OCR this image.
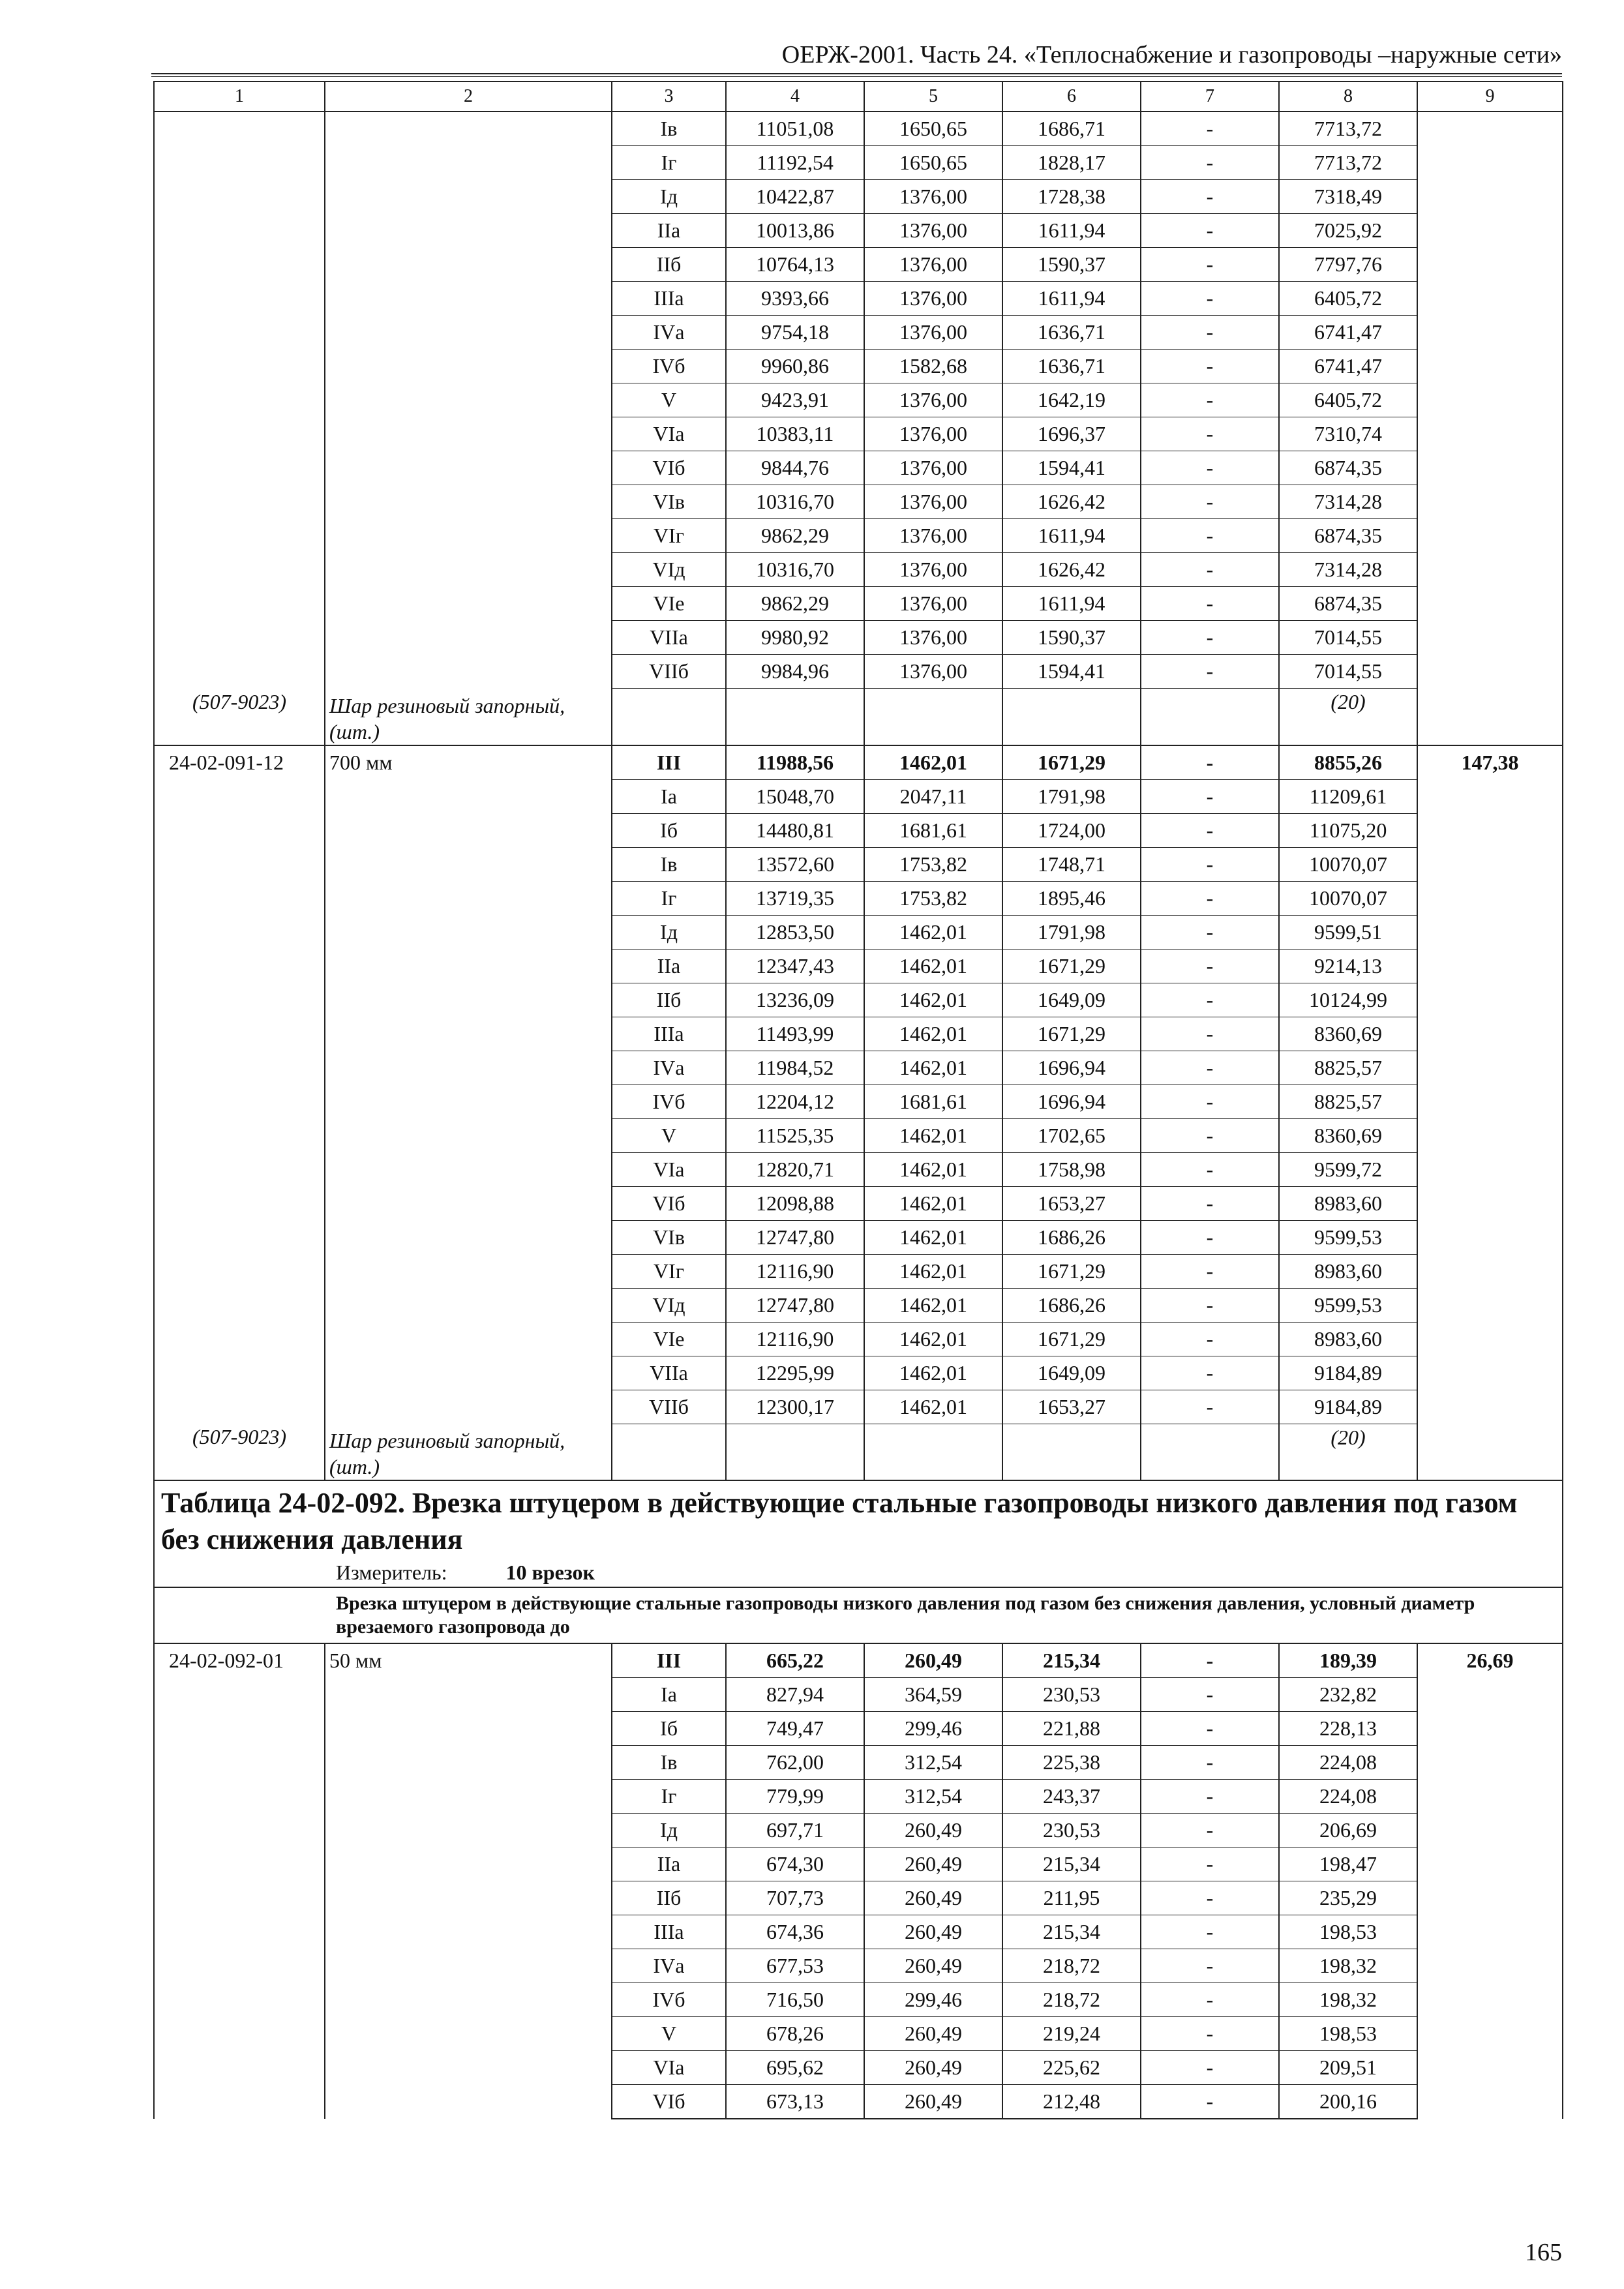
ОЕРЖ-2001. Часть 24. «Теплоснабжение и газопроводы –наружные сети»
1	2	3	4	5	6	7	8	9
		Iв	11051,08	1650,65	1686,71	-	7713,72	
		Iг	11192,54	1650,65	1828,17	-	7713,72	
		Iд	10422,87	1376,00	1728,38	-	7318,49	
		IIа	10013,86	1376,00	1611,94	-	7025,92	
		IIб	10764,13	1376,00	1590,37	-	7797,76	
		IIIа	9393,66	1376,00	1611,94	-	6405,72	
		IVа	9754,18	1376,00	1636,71	-	6741,47	
		IVб	9960,86	1582,68	1636,71	-	6741,47	
		V	9423,91	1376,00	1642,19	-	6405,72	
		VIа	10383,11	1376,00	1696,37	-	7310,74	
		VIб	9844,76	1376,00	1594,41	-	6874,35	
		VIв	10316,70	1376,00	1626,42	-	7314,28	
		VIг	9862,29	1376,00	1611,94	-	6874,35	
		VIд	10316,70	1376,00	1626,42	-	7314,28	
		VIе	9862,29	1376,00	1611,94	-	6874,35	
		VIIа	9980,92	1376,00	1590,37	-	7014,55	
		VIIб	9984,96	1376,00	1594,41	-	7014,55	
(507-9023)	Шар резиновый запорный, (шт.)						(20)	
24-02-091-12	700 мм	III	11988,56	1462,01	1671,29	-	8855,26	147,38
		Iа	15048,70	2047,11	1791,98	-	11209,61	
		Iб	14480,81	1681,61	1724,00	-	11075,20	
		Iв	13572,60	1753,82	1748,71	-	10070,07	
		Iг	13719,35	1753,82	1895,46	-	10070,07	
		Iд	12853,50	1462,01	1791,98	-	9599,51	
		IIа	12347,43	1462,01	1671,29	-	9214,13	
		IIб	13236,09	1462,01	1649,09	-	10124,99	
		IIIа	11493,99	1462,01	1671,29	-	8360,69	
		IVа	11984,52	1462,01	1696,94	-	8825,57	
		IVб	12204,12	1681,61	1696,94	-	8825,57	
		V	11525,35	1462,01	1702,65	-	8360,69	
		VIа	12820,71	1462,01	1758,98	-	9599,72	
		VIб	12098,88	1462,01	1653,27	-	8983,60	
		VIв	12747,80	1462,01	1686,26	-	9599,53	
		VIг	12116,90	1462,01	1671,29	-	8983,60	
		VIд	12747,80	1462,01	1686,26	-	9599,53	
		VIе	12116,90	1462,01	1671,29	-	8983,60	
		VIIа	12295,99	1462,01	1649,09	-	9184,89	
		VIIб	12300,17	1462,01	1653,27	-	9184,89	
(507-9023)	Шар резиновый запорный, (шт.)						(20)	

Таблица 24-02-092. Врезка штуцером в действующие стальные газопроводы низкого давления под газом без снижения давления
Измеритель: 10 врезок								

Врезка штуцером в действующие стальные газопроводы низкого давления под газом без снижения давления, условный диаметр врезаемого газопровода до								

24-02-092-01	50 мм	III	665,22	260,49	215,34	-	189,39	26,69
		Iа	827,94	364,59	230,53	-	232,82	
		Iб	749,47	299,46	221,88	-	228,13	
		Iв	762,00	312,54	225,38	-	224,08	
		Iг	779,99	312,54	243,37	-	224,08	
		Iд	697,71	260,49	230,53	-	206,69	
		IIа	674,30	260,49	215,34	-	198,47	
		IIб	707,73	260,49	211,95	-	235,29	
		IIIа	674,36	260,49	215,34	-	198,53	
		IVа	677,53	260,49	218,72	-	198,32	
		IVб	716,50	299,46	218,72	-	198,32	
		V	678,26	260,49	219,24	-	198,53	
		VIа	695,62	260,49	225,62	-	209,51	
		VIб	673,13	260,49	212,48	-	200,16	
165
